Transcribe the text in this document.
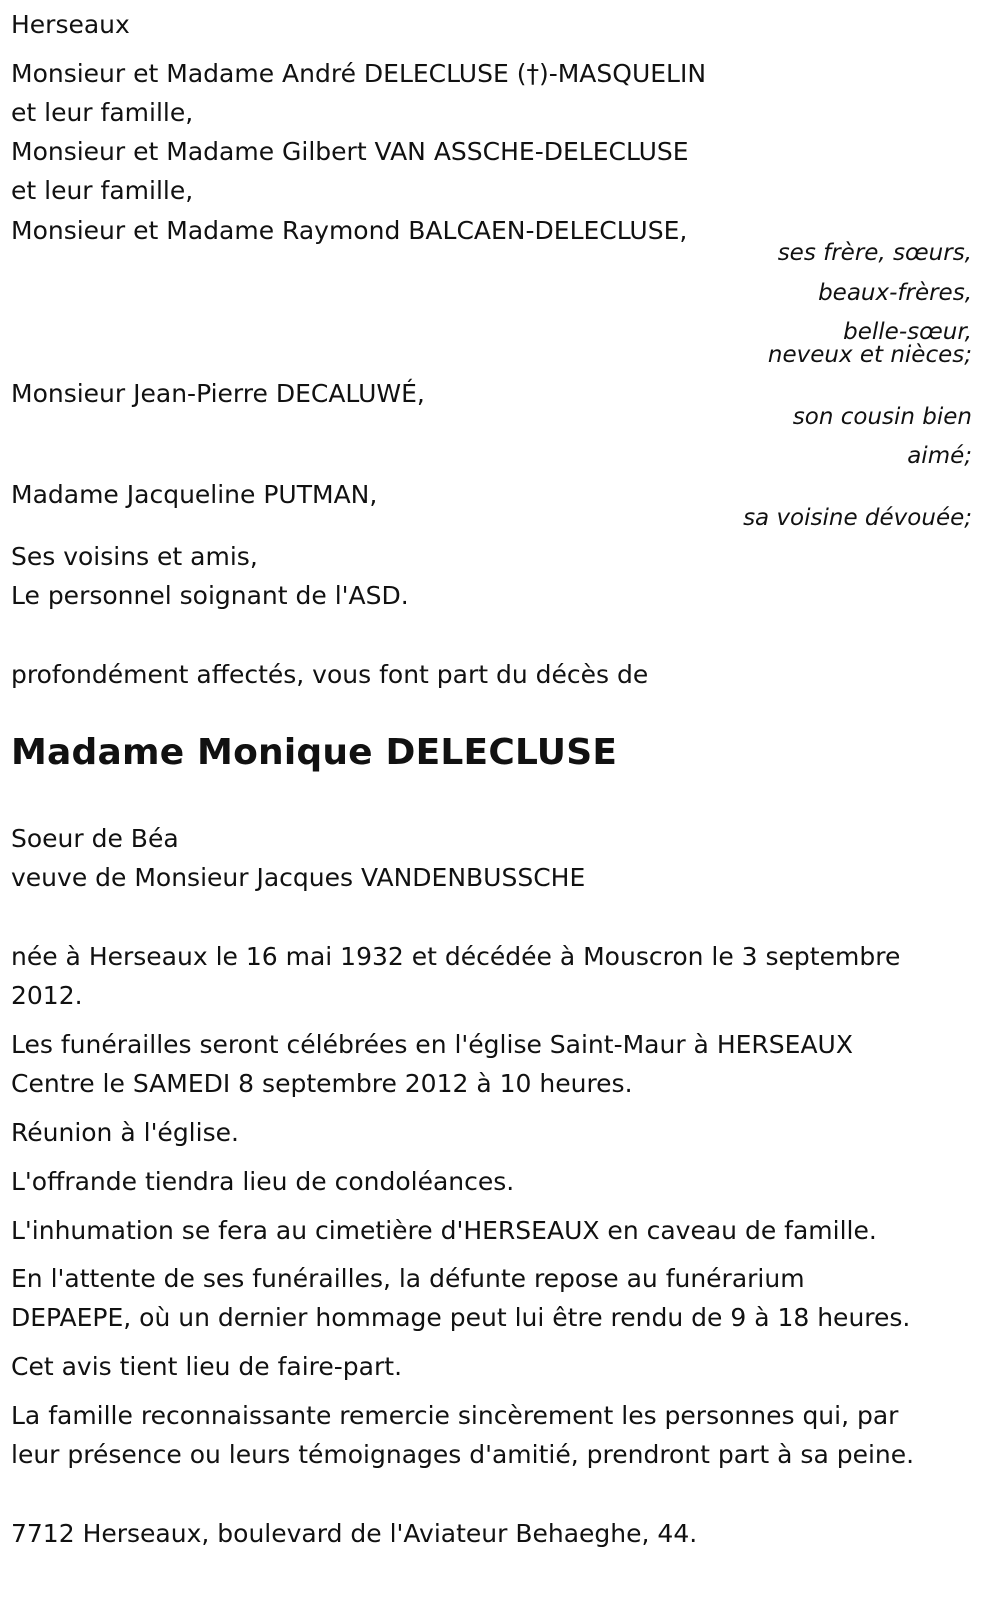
Herseaux

Monsieur et Madame André DELECLUSE (†)-MASQUELIN

et leur famille,

Monsieur et Madame Gilbert VAN ASSCHE-DELECLUSE

et leur famille,

Monsieur et Madame Raymond BALCAEN-DELECLUSE,

ses frère, sœurs,

beaux-frères,

belle-sœur,

neveux et nièces;

Monsieur Jean-Pierre DECALUWÉ,

son cousin bien

aimé;

Madame Jacqueline PUTMAN,

sa voisine dévouée;

Ses voisins et amis,

Le personnel soignant de l'ASD.

profondément affectés, vous font part du décès de

Madame Monique DELECLUSE

Soeur de Béa

veuve de Monsieur Jacques VANDENBUSSCHE

née à Herseaux le 16 mai 1932 et décédée à Mouscron le 3 septembre

2012.

Les funérailles seront célébrées en l'église Saint-Maur à HERSEAUX

Centre le SAMEDI 8 septembre 2012 à 10 heures.

Réunion à l'église.

L'offrande tiendra lieu de condoléances.

L'inhumation se fera au cimetière d'HERSEAUX en caveau de famille.

En l'attente de ses funérailles, la défunte repose au funérarium

DEPAEPE, où un dernier hommage peut lui être rendu de 9 à 18 heures.

Cet avis tient lieu de faire-part.

La famille reconnaissante remercie sincèrement les personnes qui, par

leur présence ou leurs témoignages d'amitié, prendront part à sa peine.

7712 Herseaux, boulevard de l'Aviateur Behaeghe, 44.
